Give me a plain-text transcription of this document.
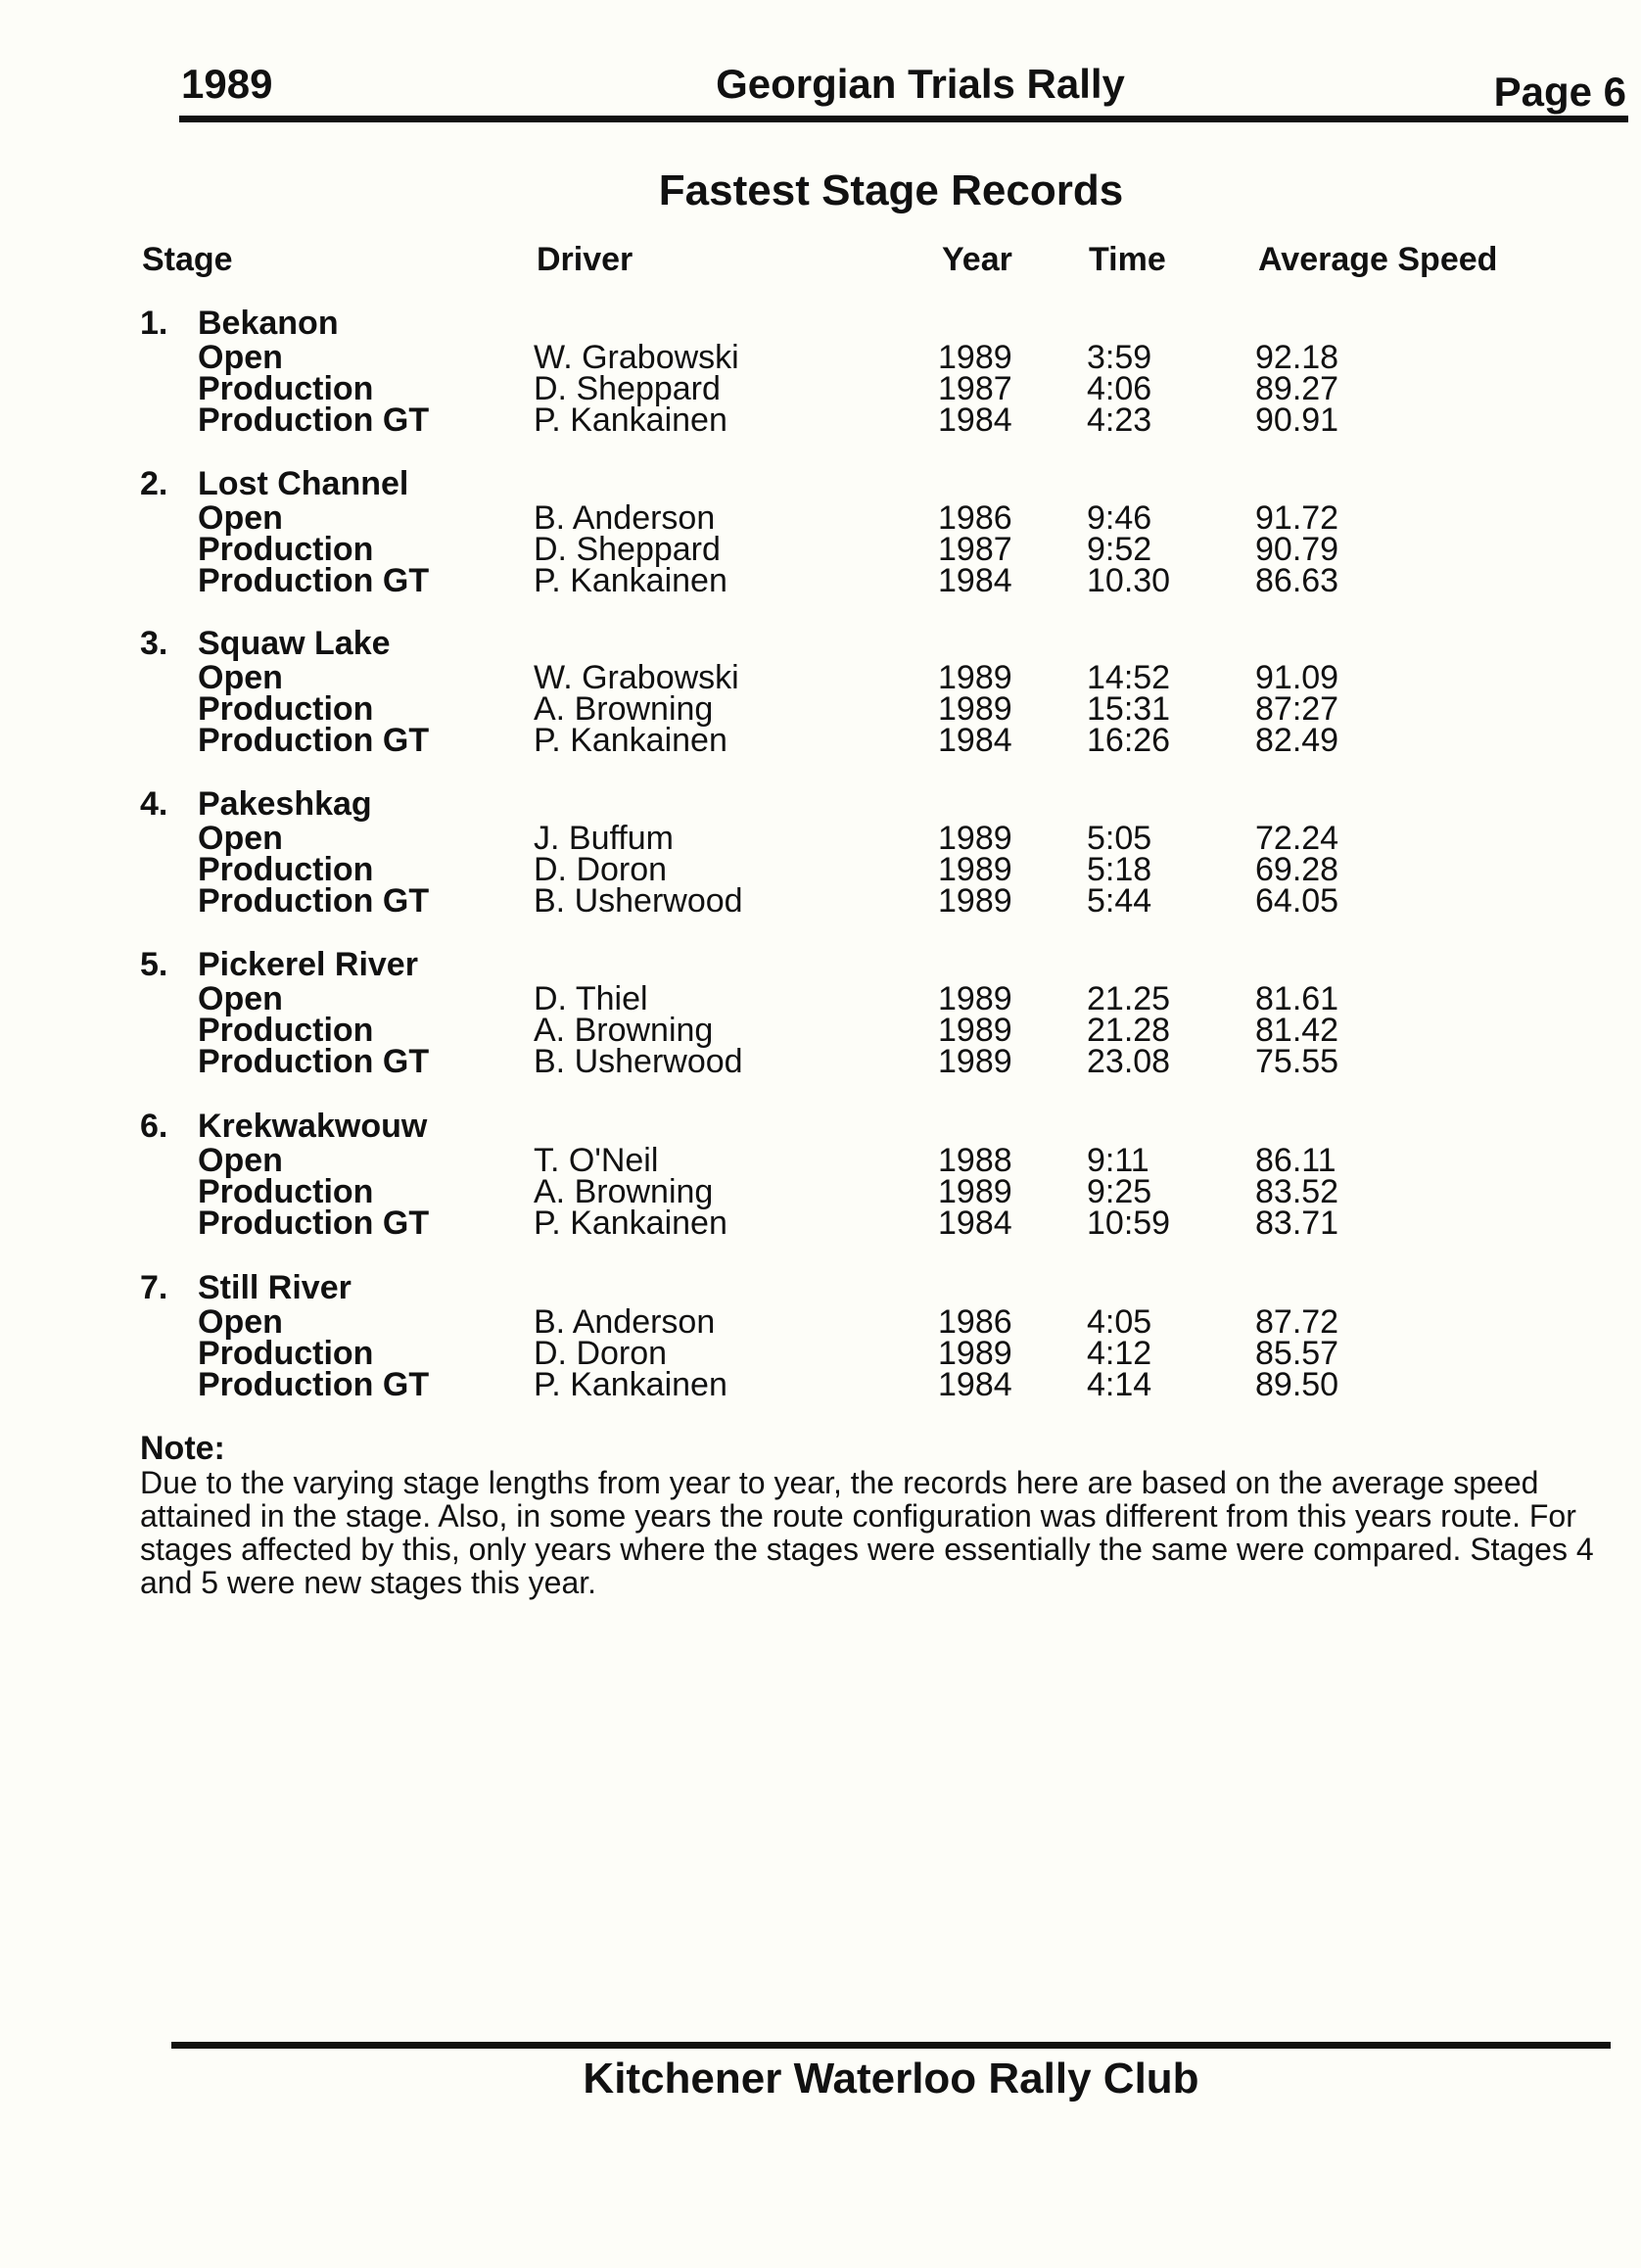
1989	Georgian Trials Rally	Page 6
Fastest Stage Records
Stage	Driver	Year Time	Average Speed
1. Bekanon
Open	W. Grabowski	1989 3:59	92.18
Production	D. Sheppard	1987 4:06	89.27
Production GT	P. Kankainen	1984 4:23	90.91
2. Lost Channel
Open	B. Anderson	1986 9:46	91.72
Production	D. Sheppard	1987 9:52	90.79
Production GT	P. Kankainen	1984 10.30	86.63
3. Squaw Lake
Open	W. Grabowski	1989 14:52	91.09
Production	A. Browning	1989 15:31	87:27
Production GT	P. Kankainen	1984 16:26	82.49
4. Pakeshkag
Open	J. Buffum	1989 5:05	72.24
Production	D. Doron	1989 5:18	69.28
Production GT	B. Usherwood	1989 5:44	64.05
5. Pickerel River
Open	D. Thiel	1989 21.25	81.61
Production	A. Browning	1989 21.28	81.42
Production GT	B. Usherwood	1989 23.08	75.55
6. Krekwakwouw
Open	T. O'Neil	1988 9:11	86.11
Production	A. Browning	1989 9:25	83.52
Production GT	P. Kankainen	1984 10:59	83.71
7. Still River
Open	B. Anderson	1986 4:05	87.72
Production	D. Doron	1989 4:12	85.57
Production GT	P. Kankainen	1984 4:14	89.50
Note:
Due to the varying stage lengths from year to year, the records here are based on the average speed attained in the stage. Also, in some years the route configuration was different from this years route. For stages affected by this, only years where the stages were essentially the same were compared. Stages 4 and 5 were new stages this year.
Kitchener Waterloo Rally Club
